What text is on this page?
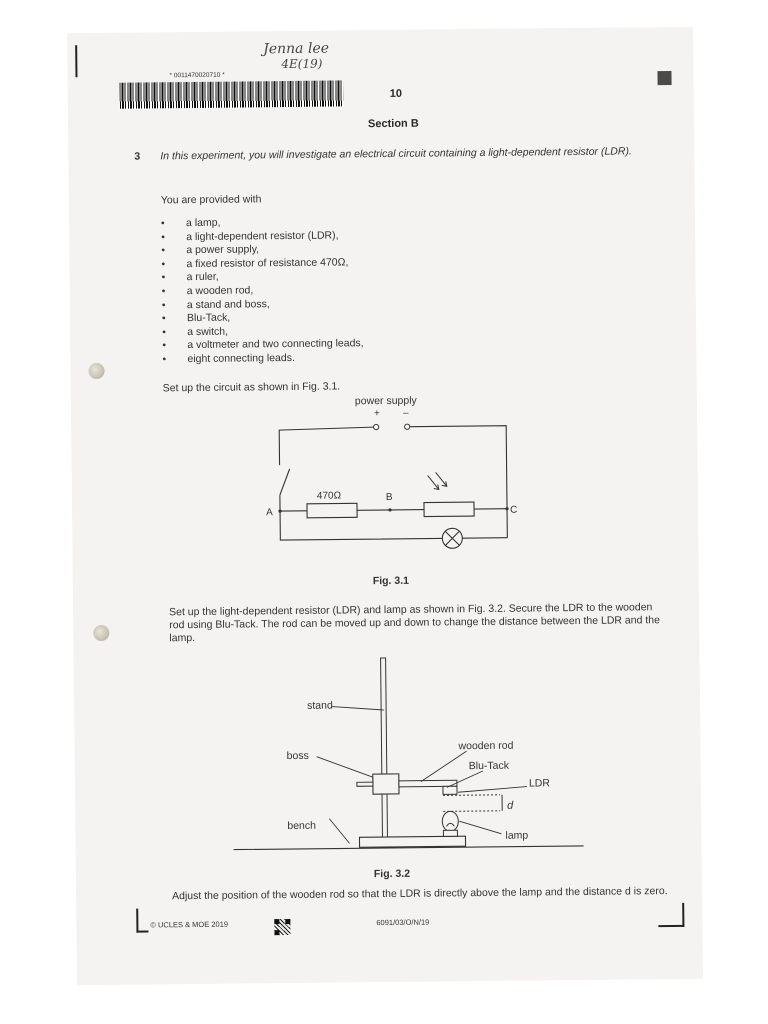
Jenna lee
4E(19)
* 0011470020710 *
10
Section B
3 In this experiment, you will investigate an electrical circuit containing a light-dependent resistor (LDR).
You are provided with
• a lamp,
• a light-dependent resistor (LDR),
• a power supply,
• a fixed resistor of resistance 470Ω,
• a ruler,
• a wooden rod,
• a stand and boss,
• Blu-Tack,
• a switch,
• a voltmeter and two connecting leads,
• eight connecting leads.
Set up the circuit as shown in Fig. 3.1.
power supply
+ –
470Ω
A
B
C
Fig. 3.1
Set up the light-dependent resistor (LDR) and lamp as shown in Fig. 3.2. Secure the LDR to the wooden rod using Blu-Tack. The rod can be moved up and down to change the distance between the LDR and the lamp.
d
stand
boss
wooden rod
Blu-Tack
LDR
bench
lamp
Fig. 3.2
Adjust the position of the wooden rod so that the LDR is directly above the lamp and the distance d is zero.
© UCLES & MOE 2019	6091/03/O/N/19
